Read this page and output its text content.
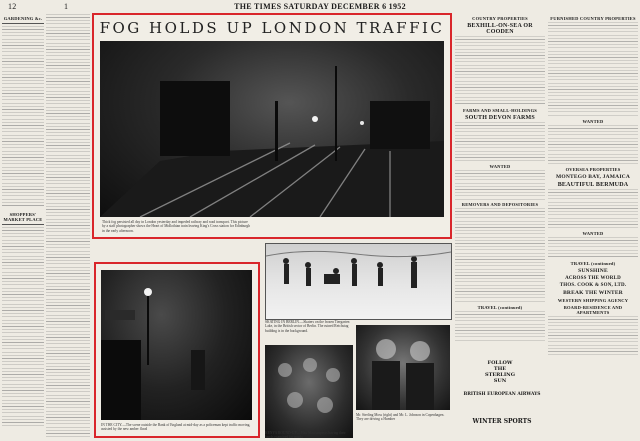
12	1	THE TIMES SATURDAY DECEMBER 6 1952
GARDENING &c.
SHOPPERS' MARKET PLACE
FOG HOLDS UP LONDON TRAFFIC
Thick fog persisted all day in London yesterday and impeded railway and road transport. This picture by a staff photographer shows the Heart of Midlothian train leaving King's Cross station for Edinburgh in the early afternoon.
IN THE CITY.—The scene outside the Bank of England at mid-day as a policeman kept traffic moving, assisted by the new amber flood
SKATING IN BERLIN.—Skaters on the frozen Tiergarten Lake, in the British sector of Berlin. The ruined Reichstag building is in the background.
KENYA ROUND-UP.—Mau Mau suspects having their hands examined for marks
Mr. Sterling Moss (right) and Mr. L. Johnson in Copenhagen. They are driving a Humber
COUNTRY PROPERTIES
BEXHILL-ON-SEA OR COODEN
FARMS AND SMALL-HOLDINGS
SOUTH DEVON FARMS
WANTED
REMOVERS AND DEPOSITORIES
TRAVEL (continued)
FOLLOW
THE
STERLING
SUN
BRITISH EUROPEAN AIRWAYS
WINTER SPORTS
FURNISHED COUNTRY PROPERTIES
WANTED
OVERSEA PROPERTIES
MONTEGO BAY, JAMAICA
BEAUTIFUL BERMUDA
WANTED
TRAVEL (continued)
SUNSHINE
ACROSS THE WORLD
THOS. COOK & SON, LTD.
BREAK THE WINTER
WESTERN SHIPPING AGENCY
BOARD-RESIDENCE AND APARTMENTS
